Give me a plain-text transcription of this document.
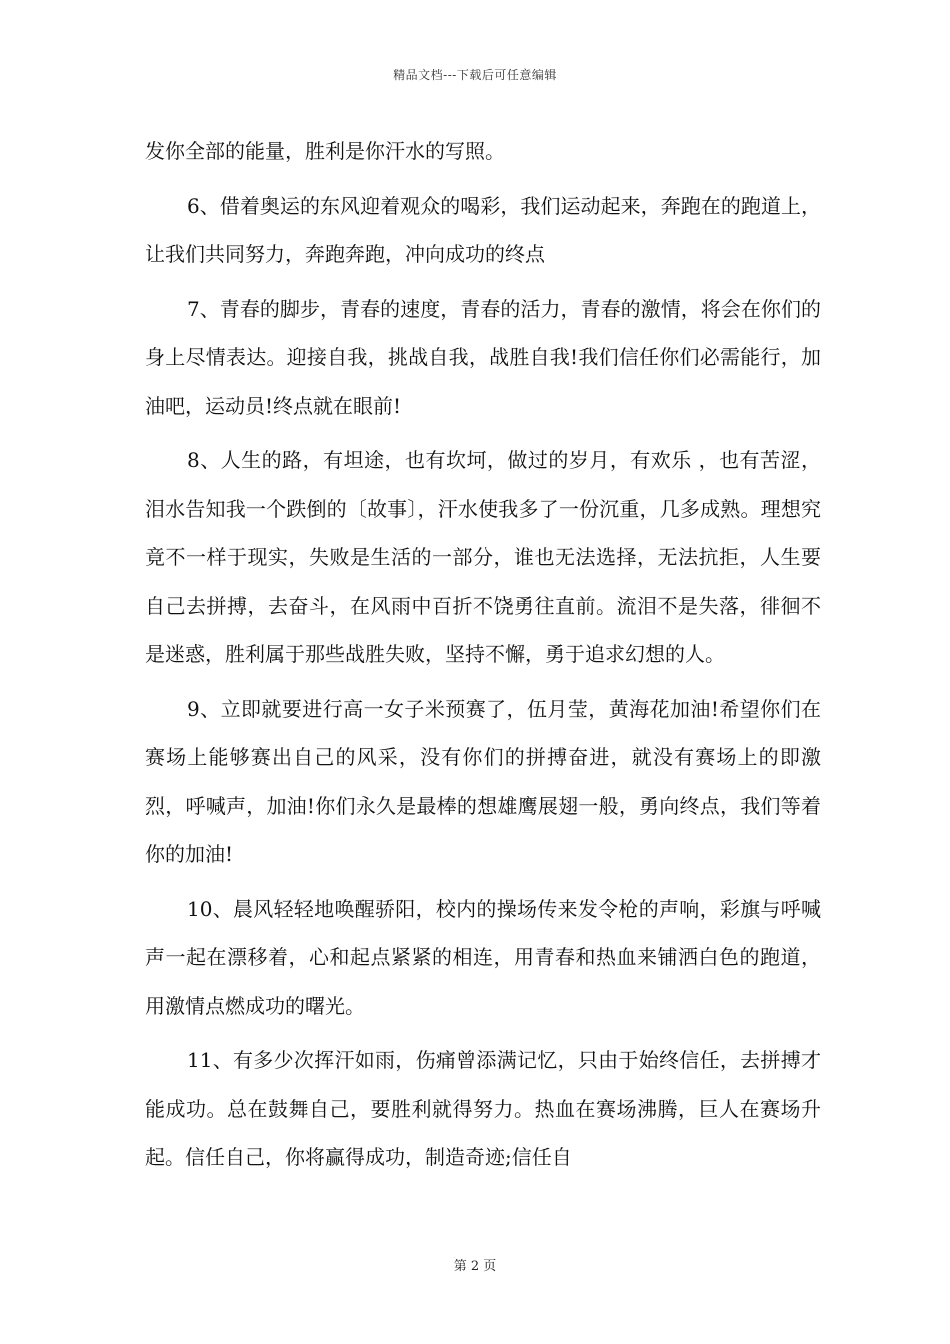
精品文档---下载后可任意编辑

发你全部的能量，胜利是你汗水的写照。

6、借着奥运的东风迎着观众的喝彩，我们运动起来，奔跑在的跑道上，让我们共同努力，奔跑奔跑，冲向成功的终点

7、青春的脚步，青春的速度，青春的活力，青春的激情，将会在你们的身上尽情表达。迎接自我，挑战自我，战胜自我!我们信任你们必需能行，加油吧，运动员!终点就在眼前!

8、人生的路，有坦途，也有坎坷，做过的岁月，有欢乐 ，也有苦涩，泪水告知我一个跌倒的〔故事〕，汗水使我多了一份沉重，几多成熟。理想究竟不一样于现实，失败是生活的一部分，谁也无法选择，无法抗拒，人生要自己去拼搏，去奋斗，在风雨中百折不饶勇往直前。流泪不是失落，徘徊不是迷惑，胜利属于那些战胜失败，坚持不懈，勇于追求幻想的人。

9、立即就要进行高一女子米预赛了，伍月莹，黄海花加油!希望你们在赛场上能够赛出自己的风采，没有你们的拼搏奋进，就没有赛场上的即激烈，呼喊声，加油!你们永久是最棒的想雄鹰展翅一般，勇向终点，我们等着你的加油!

10、晨风轻轻地唤醒骄阳，校内的操场传来发令枪的声响，彩旗与呼喊声一起在漂移着，心和起点紧紧的相连，用青春和热血来铺洒白色的跑道，用激情点燃成功的曙光。

11、有多少次挥汗如雨，伤痛曾添满记忆，只由于始终信任，去拼搏才能成功。总在鼓舞自己，要胜利就得努力。热血在赛场沸腾，巨人在赛场升起。信任自己，你将赢得成功，制造奇迹;信任自

第 2 页
